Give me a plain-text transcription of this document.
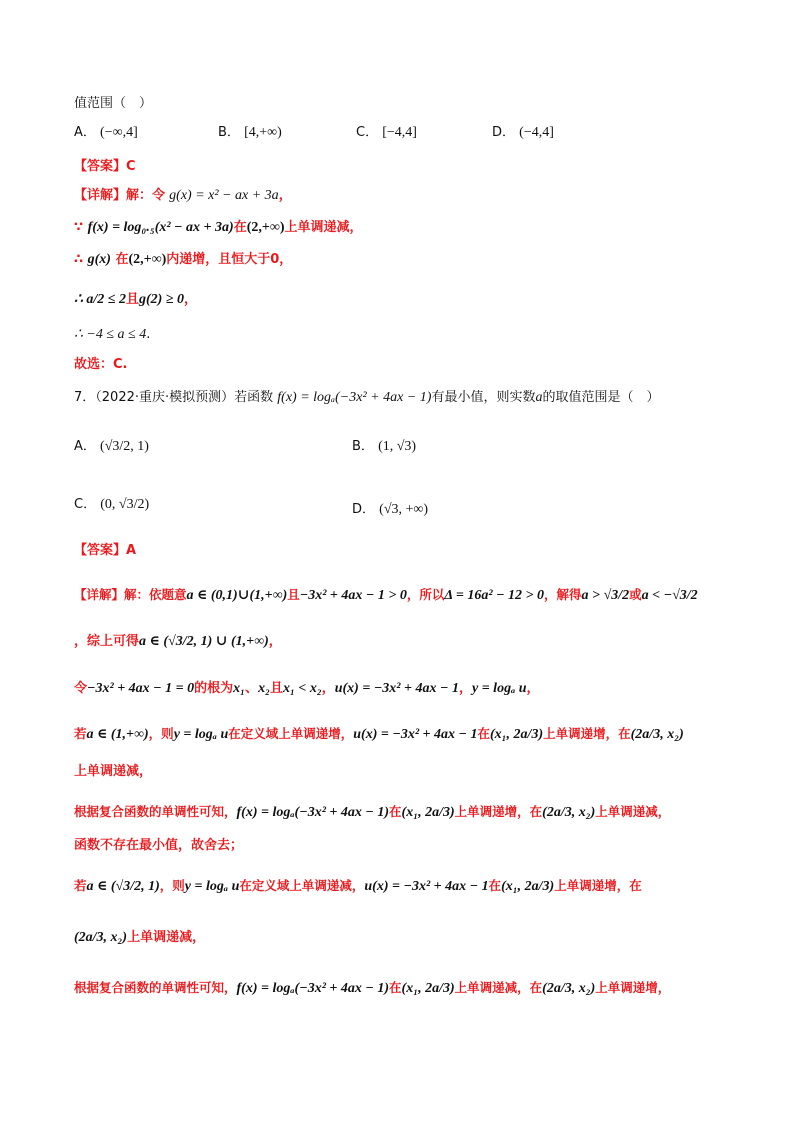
值范围（　）
A． (−∞,4]	B． [4,+∞)	C． [−4,4]	D． (−4,4]
【答案】C
【详解】解：令 g(x) = x² − ax + 3a，
∵ f(x) = log₀.₅(x² − ax + 3a)在(2,+∞)上单调递减，
∴ g(x) 在(2,+∞)内递增，且恒大于0，
∴ a/2 ≤ 2且g(2) ≥ 0，
∴ −4 ≤ a ≤ 4.
故选：C.
7．（2022·重庆·模拟预测）若函数 f(x) = logₐ(−3x² + 4ax − 1)有最小值，则实数a的取值范围是（　）
A． (√3/2, 1)	B． (1, √3)
C． (0, √3/2)	D． (√3, +∞)
【答案】A
【详解】解：依题意a ∈ (0,1)∪(1,+∞)且−3x² + 4ax − 1 > 0，所以Δ = 16a² − 12 > 0，解得a > √3/2或a < −√3/2
，综上可得a ∈ (√3/2, 1) ∪ (1,+∞)，
令−3x² + 4ax − 1 = 0的根为x₁、x₂且x₁ < x₂，u(x) = −3x² + 4ax − 1，y = logₐ u，
若a ∈ (1,+∞)，则y = logₐ u在定义域上单调递增，u(x) = −3x² + 4ax − 1在(x₁, 2a/3)上单调递增，在(2a/3, x₂)
上单调递减，
根据复合函数的单调性可知，f(x) = logₐ(−3x² + 4ax − 1)在(x₁, 2a/3)上单调递增，在(2a/3, x₂)上单调递减，
函数不存在最小值，故舍去；
若a ∈ (√3/2, 1)，则y = logₐ u在定义域上单调递减，u(x) = −3x² + 4ax − 1在(x₁, 2a/3)上单调递增，在
(2a/3, x₂)上单调递减，
根据复合函数的单调性可知，f(x) = logₐ(−3x² + 4ax − 1)在(x₁, 2a/3)上单调递减，在(2a/3, x₂)上单调递增，
